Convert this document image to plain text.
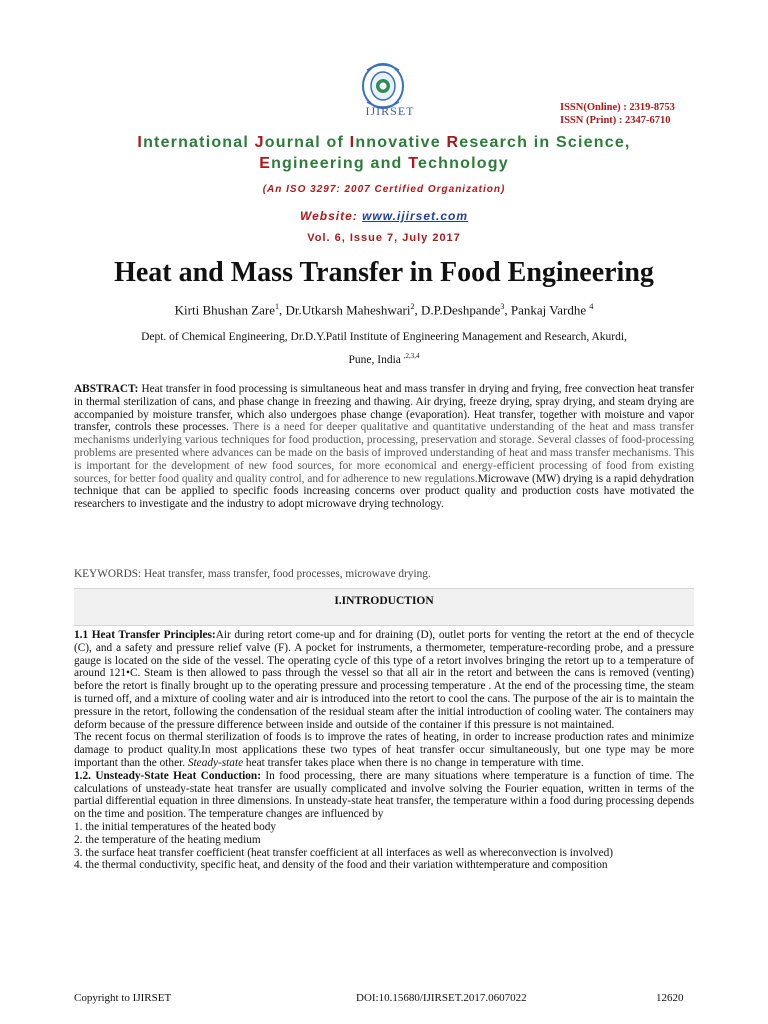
IJIRSET	ISSN(Online) : 2319-8753
ISSN (Print) : 2347-6710
International Journal of Innovative Research in Science,
Engineering and Technology
(An ISO 3297: 2007 Certified Organization)
Website: www.ijirset.com
Vol. 6, Issue 7, July 2017
Heat and Mass Transfer in Food Engineering
Kirti Bhushan Zare$^1$, Dr.Utkarsh Maheshwari$^2$, D.P.Deshpande$^3$, Pankaj Vardhe $^4$
Dept. of Chemical Engineering, Dr.D.Y.Patil Institute of Engineering Management and Research, Akurdi,
Pune, India $^{,2,3,4}$
ABSTRACT: Heat transfer in food processing is simultaneous heat and mass transfer in drying and frying, free convection heat transfer in thermal sterilization of cans, and phase change in freezing and thawing. Air drying, freeze drying, spray drying, and steam drying are accompanied by moisture transfer, which also undergoes phase change (evaporation). Heat transfer, together with moisture and vapor transfer, controls these processes. There is a need for deeper qualitative and quantitative understanding of the heat and mass transfer mechanisms underlying various techniques for food production, processing, preservation and storage. Several classes of food-processing problems are presented where advances can be made on the basis of improved understanding of heat and mass transfer mechanisms. This is important for the development of new food sources, for more economical and energy-efficient processing of food from existing sources, for better food quality and quality control, and for adherence to new regulations.Microwave (MW) drying is a rapid dehydration technique that can be applied to specific foods increasing concerns over product quality and production costs have motivated the researchers to investigate and the industry to adopt microwave drying technology.
KEYWORDS: Heat transfer, mass transfer, food processes, microwave drying.
I.INTRODUCTION

1.1 Heat Transfer Principles:Air during retort come-up and for draining (D), outlet ports for venting the retort at the end of thecycle (C), and a safety and pressure relief valve (F). A pocket for instruments, a thermometer, temperature-recording probe, and a pressure gauge is located on the side of the vessel. The operating cycle of this type of a retort involves bringing the retort up to a temperature of around 121•C. Steam is then allowed to pass through the vessel so that all air in the retort and between the cans is removed (venting) before the retort is finally brought up to the operating pressure and processing temperature . At the end of the processing time, the steam is turned off, and a mixture of cooling water and air is introduced into the retort to cool the cans. The purpose of the air is to maintain the pressure in the retort, following the condensation of the residual steam after the initial introduction of cooling water. The containers may deform because of the pressure difference between inside and outside of the container if this pressure is not maintained.

The recent focus on thermal sterilization of foods is to improve the rates of heating, in order to increase production rates and minimize damage to product quality.In most applications these two types of heat transfer occur simultaneously, but one type may be more important than the other. Steady-state heat transfer takes place when there is no change in temperature with time.

1.2. Unsteady-State Heat Conduction: In food processing, there are many situations where temperature is a function of time. The calculations of unsteady-state heat transfer are usually complicated and involve solving the Fourier equation, written in terms of the partial differential equation in three dimensions. In unsteady-state heat transfer, the temperature within a food during processing depends on the time and position. The temperature changes are influenced by

1. the initial temperatures of the heated body

2. the temperature of the heating medium

3. the surface heat transfer coefficient (heat transfer coefficient at all interfaces as well as whereconvection is involved)

4. the thermal conductivity, specific heat, and density of the food and their variation withtemperature and composition

Copyright to IJIRSET	DOI:10.15680/IJIRSET.2017.0607022	12620
